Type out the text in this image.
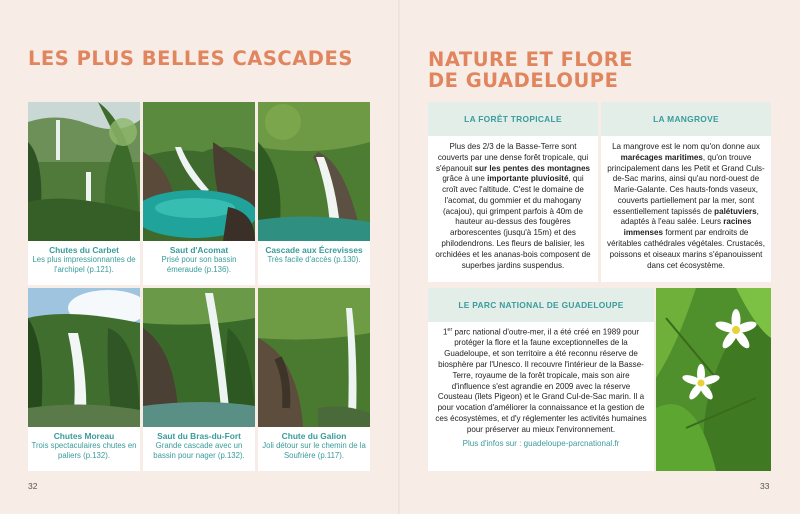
LES PLUS BELLES CASCADES
Chutes du Carbet
Les plus impressionnantes de l'archipel (p.121).
Saut d'Acomat
Prisé pour son bassin émeraude (p.136).
Cascade aux Écrevisses
Très facile d'accès (p.130).
Chutes Moreau
Trois spectaculaires chutes en paliers (p.132).
Saut du Bras-du-Fort
Grande cascade avec un bassin pour nager (p.132).
Chute du Galion
Joli détour sur le chemin de la Soufrière (p.117).
32
NATURE ET FLORE
DE GUADELOUPE
LA FORÊT TROPICALE
Plus des 2/3 de la Basse-Terre sont couverts par une dense forêt tropicale, qui s'épanouit sur les pentes des montagnes grâce à une importante pluviosité, qui croît avec l'altitude. C'est le domaine de l'acomat, du gommier et du mahogany (acajou), qui grimpent parfois à 40m de hauteur au-dessus des fougères arborescentes (jusqu'à 15m) et des philodendrons. Les fleurs de balisier, les orchidées et les ananas-bois composent de superbes jardins suspendus.
LA MANGROVE
La mangrove est le nom qu'on donne aux marécages maritimes, qu'on trouve principalement dans les Petit et Grand Culs-de-Sac marins, ainsi qu'au nord-ouest de Marie-Galante. Ces hauts-fonds vaseux, couverts partiellement par la mer, sont essentiellement tapissés de palétuviers, adaptés à l'eau salée. Leurs racines immenses forment par endroits de véritables cathédrales végétales. Crustacés, poissons et oiseaux marins s'épanouissent dans cet écosystème.
LE PARC NATIONAL DE GUADELOUPE
1er parc national d'outre-mer, il a été créé en 1989 pour protéger la flore et la faune exceptionnelles de la Guadeloupe, et son territoire a été reconnu réserve de biosphère par l'Unesco. Il recouvre l'intérieur de la Basse-Terre, royaume de la forêt tropicale, mais son aire d'influence s'est agrandie en 2009 avec la réserve Cousteau (îlets Pigeon) et le Grand Cul-de-Sac marin. Il a pour vocation d'améliorer la connaissance et la gestion de ces écosystèmes, et d'y réglementer les activités humaines pour préserver au mieux l'environnement.
Plus d'infos sur : guadeloupe-parcnational.fr
33
